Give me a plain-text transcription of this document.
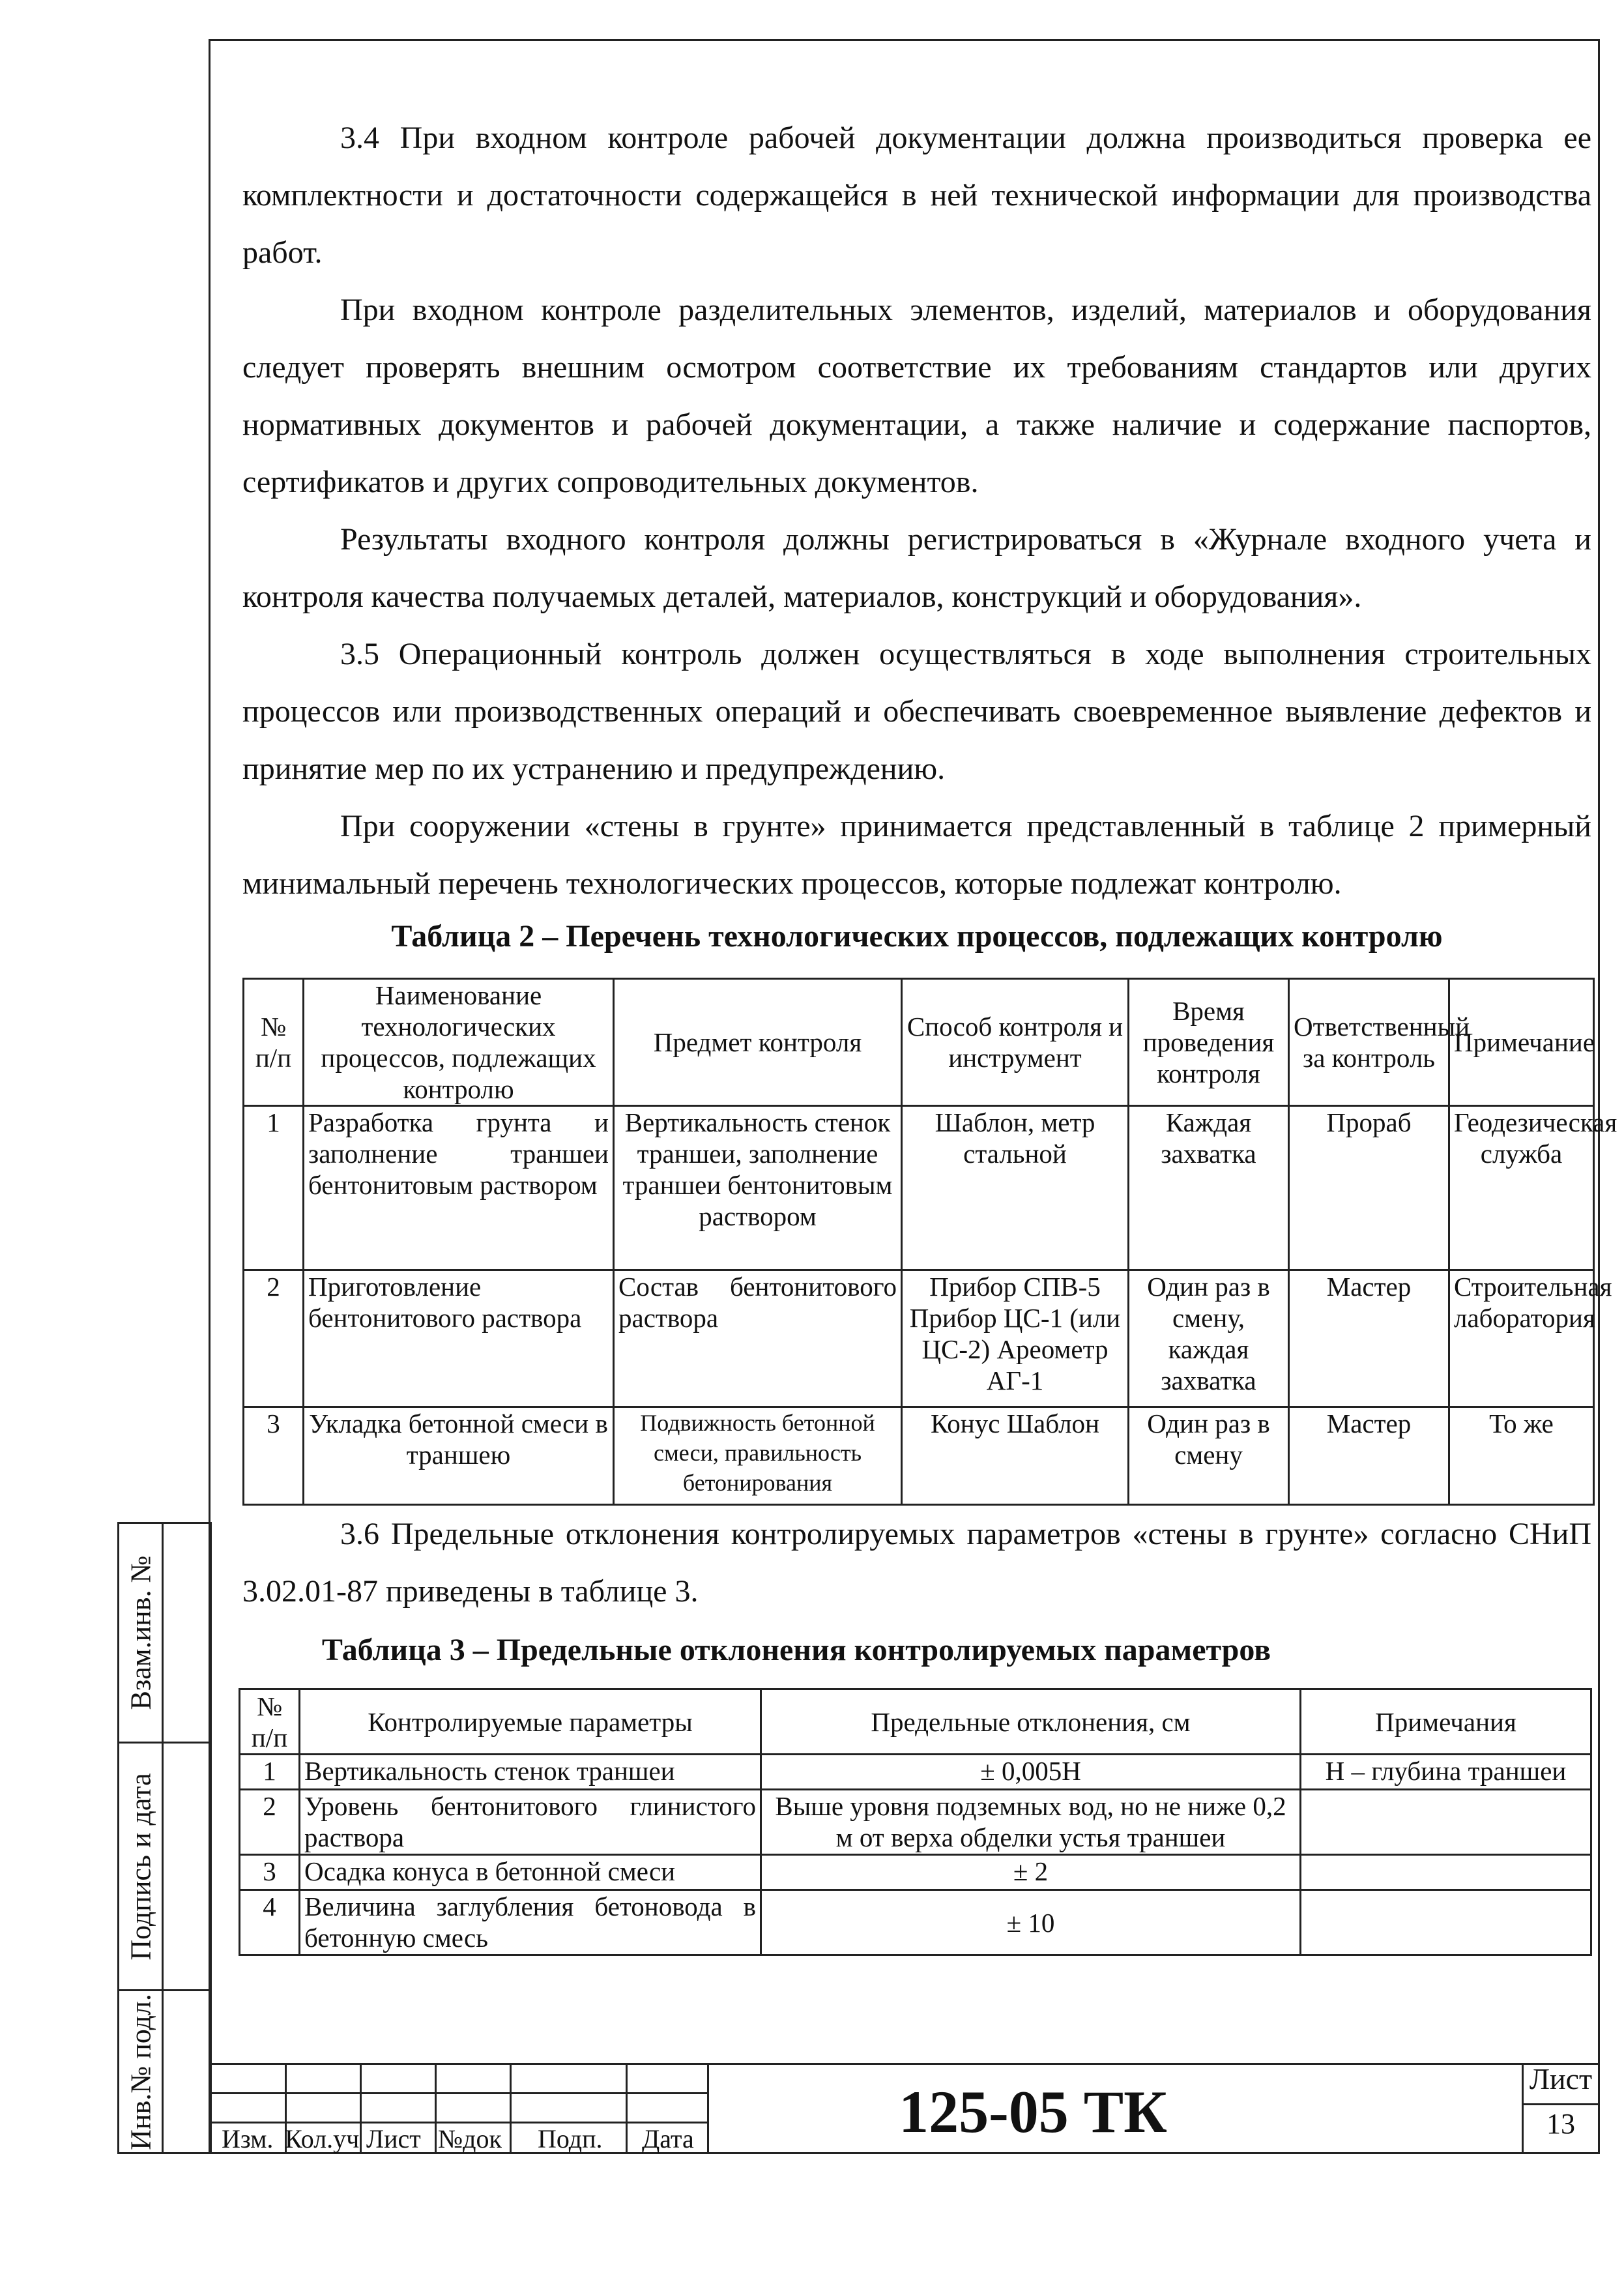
3.4 При входном контроле рабочей документации должна производиться проверка ее комплектности и достаточности содержащейся в ней технической информации для производства работ.

При входном контроле разделительных элементов, изделий, материалов и оборудования следует проверять внешним осмотром соответствие их требованиям стандартов или других нормативных документов и рабочей документации, а также наличие и содержание паспортов, сертификатов и других сопроводительных документов.

Результаты входного контроля должны регистрироваться в «Журнале входного учета и контроля качества получаемых деталей, материалов, конструкций и оборудования».

3.5 Операционный контроль должен осуществляться в ходе выполнения строительных процессов или производственных операций и обеспечивать своевременное выявление дефектов и принятие мер по их устранению и предупреждению.

При сооружении «стены в грунте» принимается представленный в таблице 2 примерный минимальный перечень технологических процессов, которые подлежат контролю.

Таблица 2 – Перечень технологических процессов, подлежащих контролю
№ п/п	Наименование технологических процессов, подлежащих контролю	Предмет контроля	Способ контроля и инструмент	Время проведения контроля	Ответственный за контроль	Примечание
1	Разработка грунта и заполнение траншеи бентонитовым раствором	Вертикальность стенок траншеи, заполнение траншеи бентонитовым раствором	Шаблон, метр стальной	Каждая захватка	Прораб	Геодезическая служба
2	Приготовление бентонитового раствора	Состав бентонитового раствора	Прибор СПВ-5 Прибор ЦС-1 (или ЦС-2) Ареометр АГ-1	Один раз в смену, каждая захватка	Мастер	Строительная лаборатория
3	Укладка бетонной смеси в траншею	Подвижность бетонной смеси, правильность бетонирования	Конус Шаблон	Один раз в смену	Мастер	То же

3.6 Предельные отклонения контролируемых параметров «стены в грунте» согласно СНиП 3.02.01-87 приведены в таблице 3.

Таблица 3 – Предельные отклонения контролируемых параметров
№ п/п	Контролируемые параметры	Предельные отклонения, см	Примечания
1	Вертикальность стенок траншеи	± 0,005H	H – глубина траншеи
2	Уровень бентонитового глинистого раствора	Выше уровня подземных вод, но не ниже 0,2 м от верха обделки устья траншеи	
3	Осадка конуса в бетонной смеси	± 2	
4	Величина заглубления бетоновода в бетонную смесь	± 10	
Взам.инв. №
Подпись и дата
Инв.№ подл.	Изм. Кол.уч Лист №док Подп. Дата	125-05 ТК	Лист
13
